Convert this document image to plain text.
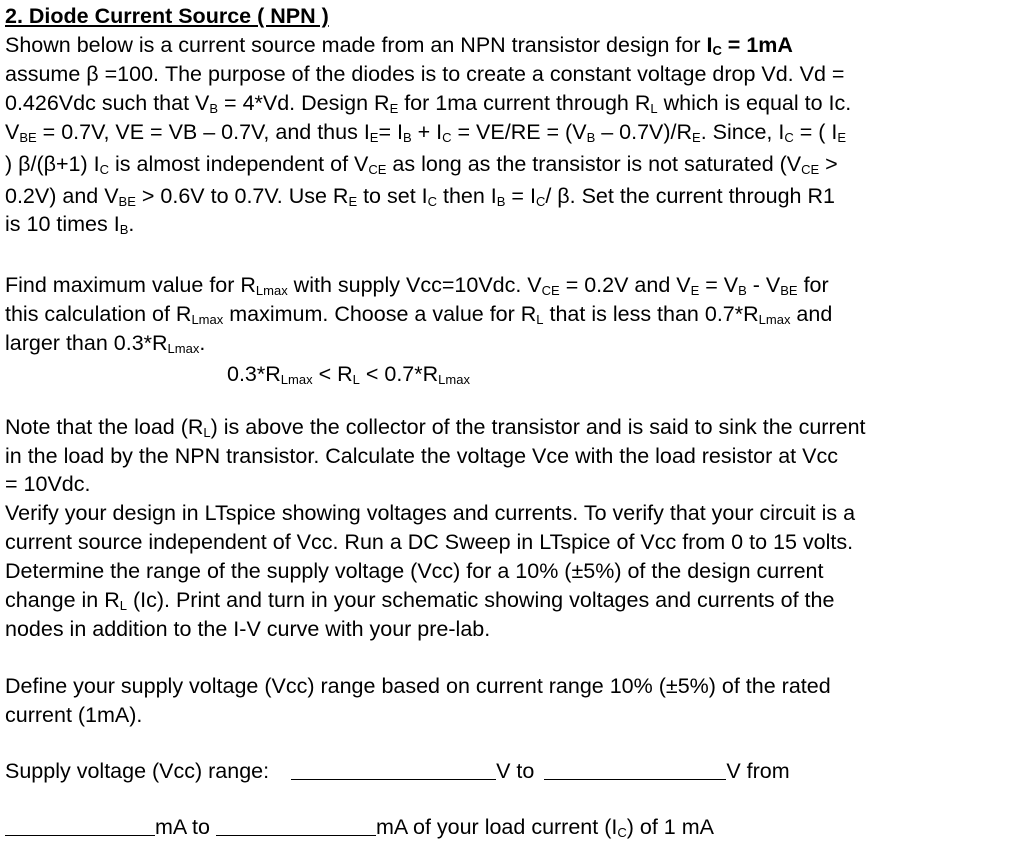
2. Diode Current Source ( NPN )
Shown below is a current source made from an NPN transistor design for $I_C = 1mA$
assume β =100. The purpose of the diodes is to create a constant voltage drop Vd. Vd =
0.426Vdc such that $V_B = 4*Vd$. Design $R_E$ for 1ma current through $R_L$ which is equal to Ic.
$V_{BE} = 0.7V$, VE = VB – 0.7V, and thus $I_E= I_B + I_C = VE/RE = (V_B - 0.7V)/R_E$. Since, $I_C$ = ( $I_E$
) β/(β+1) $I_C$ is almost independent of $V_{CE}$ as long as the transistor is not saturated ($V_{CE}$ >
0.2V) and $V_{BE} > 0.6V$ to 0.7V. Use $R_E$ to set $I_C$ then $I_B = I_C/$ β. Set the current through R1
is 10 times $I_B$.
Find maximum value for $R_{Lmax}$ with supply Vcc=10Vdc. $V_{CE} = 0.2V$ and $V_E = V_B - V_{BE}$ for
this calculation of $R_{Lmax}$ maximum. Choose a value for $R_L$ that is less than $0.7*R_{Lmax}$ and
larger than $0.3*R_{Lmax}$.
$0.3*R_{Lmax} < R_L < 0.7*R_{Lmax}$
Note that the load $(R_L)$ is above the collector of the transistor and is said to sink the current
in the load by the NPN transistor. Calculate the voltage Vce with the load resistor at Vcc
= 10Vdc.
Verify your design in LTspice showing voltages and currents. To verify that your circuit is a
current source independent of Vcc. Run a DC Sweep in LTspice of Vcc from 0 to 15 volts.
Determine the range of the supply voltage (Vcc) for a 10% (±5%) of the design current
change in $R_L$ (Ic). Print and turn in your schematic showing voltages and currents of the
nodes in addition to the I-V curve with your pre-lab.
Define your supply voltage (Vcc) range based on current range 10% (±5%) of the rated
current (1mA).
Supply voltage (Vcc) range:	V to	V from
mA to	mA of your load current $(I_C)$ of 1 mA
